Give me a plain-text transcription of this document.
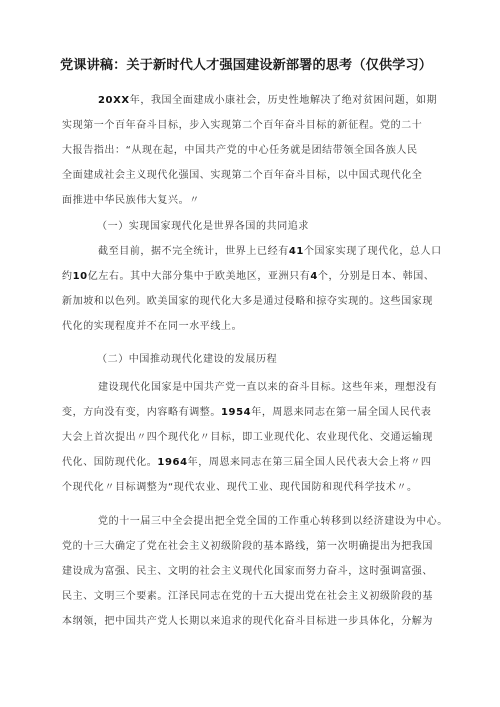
党课讲稿：关于新时代人才强国建设新部署的思考（仅供学习）
20XX年，我国全面建成小康社会，历史性地解决了绝对贫困问题，如期
实现第一个百年奋斗目标，步入实现第二个百年奋斗目标的新征程。党的二十
大报告指出：“从现在起，中国共产党的中心任务就是团结带领全国各族人民
全面建成社会主义现代化强国、实现第二个百年奋斗目标，以中国式现代化全
面推进中华民族伟大复兴。〃
（一）实现国家现代化是世界各国的共同追求
截至目前，据不完全统计，世界上已经有41个国家实现了现代化，总人口
约10亿左右。其中大部分集中于欧美地区，亚洲只有4个，分别是日本、韩国、
新加坡和以色列。欧美国家的现代化大多是通过侵略和掠夺实现的。这些国家现
代化的实现程度并不在同一水平线上。
（二）中国推动现代化建设的发展历程
建设现代化国家是中国共产党一直以来的奋斗目标。这些年来，理想没有
变，方向没有变，内容略有调整。1954年，周恩来同志在第一届全国人民代表
大会上首次提出〃四个现代化〃目标，即工业现代化、农业现代化、交通运输现
代化、国防现代化。1964年，周恩来同志在第三届全国人民代表大会上将〃四
个现代化〃目标调整为“现代农业、现代工业、现代国防和现代科学技术〃。
党的十一届三中全会提出把全党全国的工作重心转移到以经济建设为中心。
党的十三大确定了党在社会主义初级阶段的基本路线，第一次明确提出为把我国
建设成为富强、民主、文明的社会主义现代化国家而努力奋斗，这时强调富强、
民主、文明三个要素。江泽民同志在党的十五大提出党在社会主义初级阶段的基
本纲领，把中国共产党人长期以来追求的现代化奋斗目标进一步具体化，分解为
